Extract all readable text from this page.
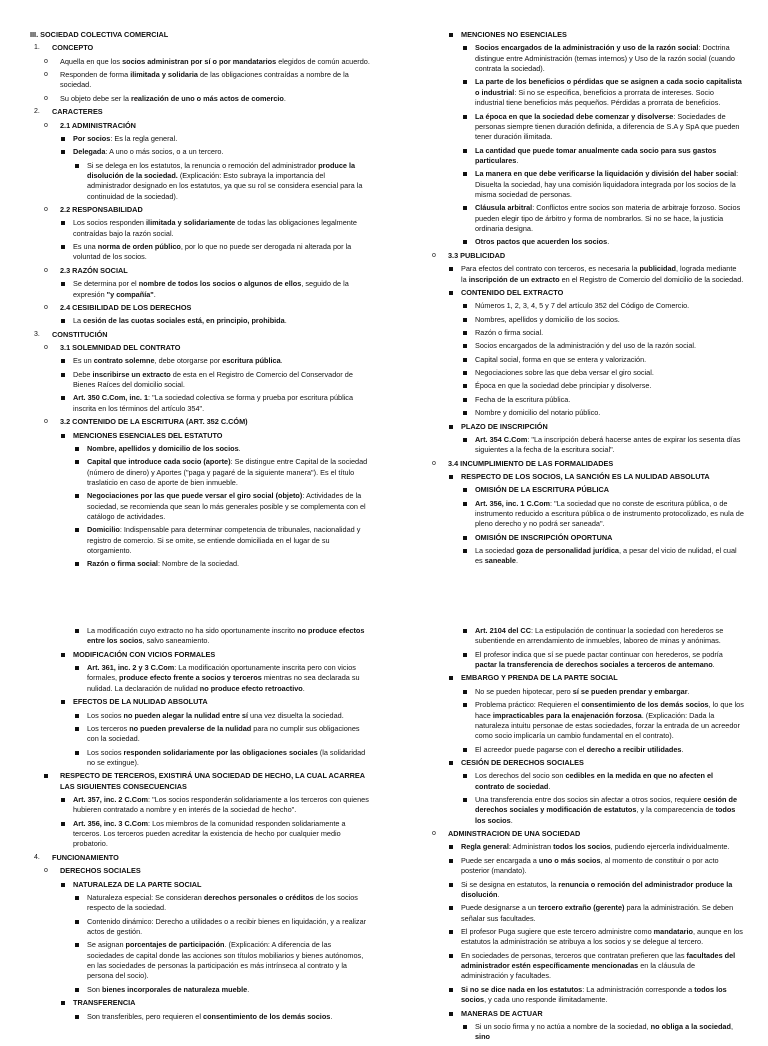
III. SOCIEDAD COLECTIVA COMERCIAL
1. CONCEPTO
o Aquella en que los socios administran por sí o por mandatarios elegidos de común acuerdo.
o Responden de forma ilimitada y solidaria de las obligaciones contraídas a nombre de la sociedad.
o Su objeto debe ser la realización de uno o más actos de comercio.
2. CARACTERES
o 2.1 ADMINISTRACIÓN
Por socios: Es la regla general.
Delegada: A uno o más socios, o a un tercero.
Si se delega en los estatutos, la renuncia o remoción del administrador produce la disolución de la sociedad. (Explicación: Esto subraya la importancia del administrador designado en los estatutos, ya que su rol se considera esencial para la continuidad de la sociedad).
o 2.2 RESPONSABILIDAD
Los socios responden ilimitada y solidariamente de todas las obligaciones legalmente contraídas bajo la razón social.
Es una norma de orden público, por lo que no puede ser derogada ni alterada por la voluntad de los socios.
o 2.3 RAZÓN SOCIAL
Se determina por el nombre de todos los socios o algunos de ellos, seguido de la expresión "y compañía".
o 2.4 CESIBILIDAD DE LOS DERECHOS
La cesión de las cuotas sociales está, en principio, prohibida.
3. CONSTITUCIÓN
o 3.1 SOLEMNIDAD DEL CONTRATO
Es un contrato solemne, debe otorgarse por escritura pública.
Debe inscribirse un extracto de esta en el Registro de Comercio del Conservador de Bienes Raíces del domicilio social.
Art. 350 C.Com, inc. 1: "La sociedad colectiva se forma y prueba por escritura pública inscrita en los términos del artículo 354".
o 3.2 CONTENIDO DE LA ESCRITURA (ART. 352 C.CÓM)
MENCIONES ESENCIALES DEL ESTATUTO
Nombre, apellidos y domicilio de los socios.
Capital que introduce cada socio (aporte): Se distingue entre Capital de la sociedad (número de dinero) y Aportes ("paga y pagaré de la siguiente manera"). Es el título traslaticio en caso de aporte de bien inmueble.
Negociaciones por las que puede versar el giro social (objeto): Actividades de la sociedad, se recomienda que sean lo más generales posible y se complementa con el catálogo de actividades.
Domicilio: Indispensable para determinar competencia de tribunales, nacionalidad y registro de comercio. Si se omite, se entiende domiciliada en el lugar de su otorgamiento.
Razón o firma social: Nombre de la sociedad.
MENCIONES NO ESENCIALES
Socios encargados de la administración y uso de la razón social: Doctrina distingue entre Administración (temas internos) y Uso de la razón social (cuando contrata la sociedad).
La parte de los beneficios o pérdidas que se asignen a cada socio capitalista o industrial: Si no se especifica, beneficios a prorrata de intereses. Socio industrial tiene beneficios más pequeños. Pérdidas a prorrata de beneficios.
La época en que la sociedad debe comenzar y disolverse: Sociedades de personas siempre tienen duración definida, a diferencia de S.A y SpA que pueden tener duración ilimitada.
La cantidad que puede tomar anualmente cada socio para sus gastos particulares.
La manera en que debe verificarse la liquidación y división del haber social: Disuelta la sociedad, hay una comisión liquidadora integrada por los socios de la misma sociedad de personas.
Cláusula arbitral: Conflictos entre socios son materia de arbitraje forzoso. Socios pueden elegir tipo de árbitro y forma de nombrarlos. Si no se hace, la justicia ordinaria designa.
Otros pactos que acuerden los socios.
o 3.3 PUBLICIDAD
Para efectos del contrato con terceros, es necesaria la publicidad, lograda mediante la inscripción de un extracto en el Registro de Comercio del domicilio de la sociedad.
CONTENIDO DEL EXTRACTO
Números 1, 2, 3, 4, 5 y 7 del artículo 352 del Código de Comercio.
Nombres, apellidos y domicilio de los socios.
Razón o firma social.
Socios encargados de la administración y del uso de la razón social.
Capital social, forma en que se entera y valorización.
Negociaciones sobre las que deba versar el giro social.
Época en que la sociedad debe principiar y disolverse.
Fecha de la escritura pública.
Nombre y domicilio del notario público.
PLAZO DE INSCRIPCIÓN
Art. 354 C.Com: "La inscripción deberá hacerse antes de expirar los sesenta días siguientes a la fecha de la escritura social".
o 3.4 INCUMPLIMIENTO DE LAS FORMALIDADES
RESPECTO DE LOS SOCIOS, LA SANCIÓN ES LA NULIDAD ABSOLUTA
OMISIÓN DE LA ESCRITURA PÚBLICA
Art. 356, inc. 1 C.Com: "La sociedad que no conste de escritura pública, o de instrumento reducido a escritura pública o de instrumento protocolizado, es nula de pleno derecho y no podrá ser saneada".
OMISIÓN DE INSCRIPCIÓN OPORTUNA
La sociedad goza de personalidad jurídica, a pesar del vicio de nulidad, el cual es saneable.
La modificación cuyo extracto no ha sido oportunamente inscrito no produce efectos entre los socios, salvo saneamiento.
MODIFICACIÓN CON VICIOS FORMALES
Art. 361, inc. 2 y 3 C.Com: La modificación oportunamente inscrita pero con vicios formales, produce efecto frente a socios y terceros mientras no sea declarada su nulidad. La declaración de nulidad no produce efecto retroactivo.
EFECTOS DE LA NULIDAD ABSOLUTA
Los socios no pueden alegar la nulidad entre sí una vez disuelta la sociedad.
Los terceros no pueden prevalerse de la nulidad para no cumplir sus obligaciones con la sociedad.
Los socios responden solidariamente por las obligaciones sociales (la solidaridad no se extingue).
RESPECTO DE TERCEROS, EXISTIRÁ UNA SOCIEDAD DE HECHO, LA CUAL ACARREA LAS SIGUIENTES CONSECUENCIAS
Art. 357, inc. 2 C.Com: "Los socios responderán solidariamente a los terceros con quienes hubieren contratado a nombre y en interés de la sociedad de hecho".
Art. 356, inc. 3 C.Com: Los miembros de la comunidad responden solidariamente a terceros. Los terceros pueden acreditar la existencia de hecho por cualquier medio probatorio.
4. FUNCIONAMIENTO
o DERECHOS SOCIALES
NATURALEZA DE LA PARTE SOCIAL
Naturaleza especial: Se consideran derechos personales o créditos de los socios respecto de la sociedad.
Contenido dinámico: Derecho a utilidades o a recibir bienes en liquidación, y a realizar actos de gestión.
Se asignan porcentajes de participación. (Explicación: A diferencia de las sociedades de capital donde las acciones son títulos mobiliarios y bienes autónomos, en las sociedades de personas la participación es más intrínseca al contrato y la persona del socio).
Son bienes incorporales de naturaleza mueble.
TRANSFERENCIA
Son transferibles, pero requieren el consentimiento de los demás socios.
Art. 2104 del CC: La estipulación de continuar la sociedad con herederos se subentiende en arrendamiento de inmuebles, laboreo de minas y anónimas.
El profesor indica que sí se puede pactar continuar con herederos, se podría pactar la transferencia de derechos sociales a terceros de antemano.
EMBARGO Y PRENDA DE LA PARTE SOCIAL
No se pueden hipotecar, pero sí se pueden prendar y embargar.
Problema práctico: Requieren el consentimiento de los demás socios, lo que los hace impracticables para la enajenación forzosa. (Explicación: Dada la naturaleza intuitu personae de estas sociedades, forzar la entrada de un acreedor como socio implicaría un cambio fundamental en el contrato).
El acreedor puede pagarse con el derecho a recibir utilidades.
CESIÓN DE DERECHOS SOCIALES
Los derechos del socio son cedibles en la medida en que no afecten el contrato de sociedad.
Una transferencia entre dos socios sin afectar a otros socios, requiere cesión de derechos sociales y modificación de estatutos, y la comparecencia de todos los socios.
o ADMINSTRACION DE UNA SOCIEDAD
Regla general: Administran todos los socios, pudiendo ejercerla individualmente.
Puede ser encargada a uno o más socios, al momento de constituir o por acto posterior (mandato).
Si se designa en estatutos, la renuncia o remoción del administrador produce la disolución.
Puede designarse a un tercero extraño (gerente) para la administración. Se deben señalar sus facultades.
El profesor Puga sugiere que este tercero administre como mandatario, aunque en los estatutos la administración se atribuya a los socios y se delegue al tercero.
En sociedades de personas, terceros que contratan prefieren que las facultades del administrador estén específicamente mencionadas en la cláusula de administración y facultades.
Si no se dice nada en los estatutos: La administración corresponde a todos los socios, y cada uno responde ilimitadamente.
MANERAS DE ACTUAR
Si un socio firma y no actúa a nombre de la sociedad, no obliga a la sociedad, sino
